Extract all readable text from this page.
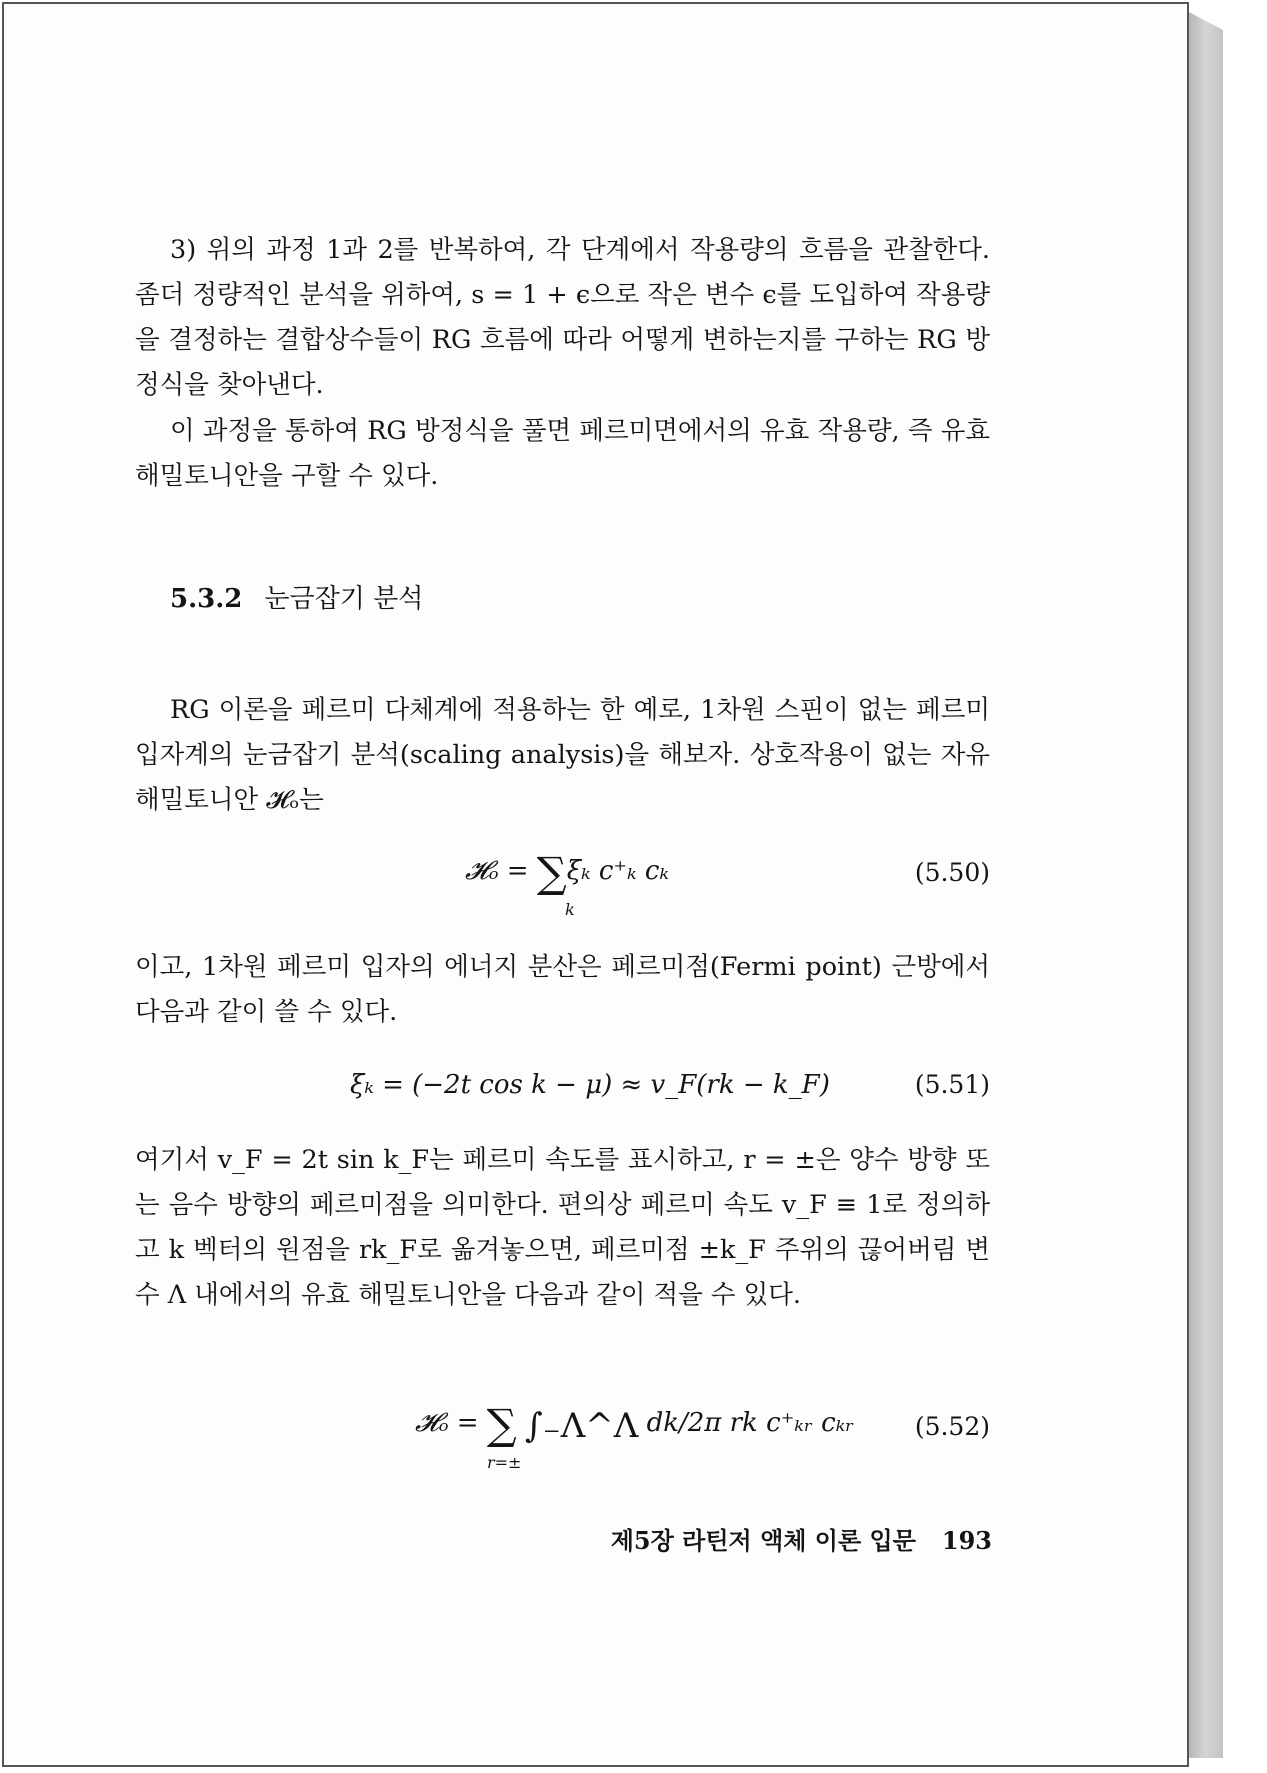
3) 위의 과정 1과 2를 반복하여, 각 단계에서 작용량의 흐름을 관찰한다. 좀더 정량적인 분석을 위하여, s = 1 + ϵ으로 작은 변수 ϵ를 도입하여 작용량을 결정하는 결합상수들이 RG 흐름에 따라 어떻게 변하는지를 구하는 RG 방정식을 찾아낸다.

이 과정을 통하여 RG 방정식을 풀면 페르미면에서의 유효 작용량, 즉 유효 해밀토니안을 구할 수 있다.

5.3.2 눈금잡기 분석

RG 이론을 페르미 다체계에 적용하는 한 예로, 1차원 스핀이 없는 페르미 입자계의 눈금잡기 분석(scaling analysis)을 해보자. 상호작용이 없는 자유 해밀토니안 𝓗ₒ는

𝓗ₒ = ∑ξₖ c⁺ₖ cₖ
k
(5.50)

이고, 1차원 페르미 입자의 에너지 분산은 페르미점(Fermi point) 근방에서 다음과 같이 쓸 수 있다.

ξₖ = (−2t cos k − μ) ≈ v_F(rk − k_F)	(5.51)

여기서 v_F = 2t sin k_F는 페르미 속도를 표시하고, r = ±은 양수 방향 또는 음수 방향의 페르미점을 의미한다. 편의상 페르미 속도 v_F ≡ 1로 정의하고 k 벡터의 원점을 rk_F로 옮겨놓으면, 페르미점 ±k_F 주위의 끊어버림 변수 Λ 내에서의 유효 해밀토니안을 다음과 같이 적을 수 있다.

𝓗ₒ = ∑ ∫₋Λ^Λ dk/2π rk c⁺ₖᵣ cₖᵣ
r=±
(5.52)

제5장 라틴저 액체 이론 입문 193
